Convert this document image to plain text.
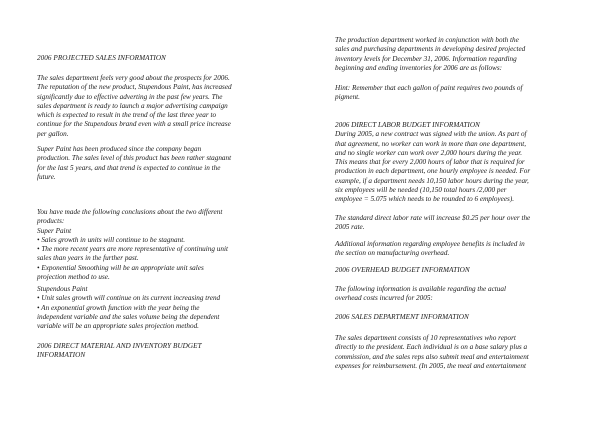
2006 PROJECTED SALES INFORMATION

The sales department feels very good about the prospects for 2006.
The reputation of the new product, Stupendous Paint, has increased
significantly due to effective adverting in the past few years. The
sales department is ready to launch a major advertising campaign
which is expected to result in the trend of the last three year to
continue for the Stupendous brand even with a small price increase
per gallon.

Super Paint has been produced since the company began
production. The sales level of this product has been rather stagnant
for the last 5 years, and that trend is expected to continue in the
future.

You have made the following conclusions about the two different
products:
Super Paint
• Sales growth in units will continue to be stagnant.
• The more recent years are more representative of continuing unit
sales than years in the further past.
• Exponential Smoothing will be an appropriate unit sales
projection method to use.

Stupendous Paint
• Unit sales growth will continue on its current increasing trend
• An exponential growth function with the year being the
independent variable and the sales volume being the dependent
variable will be an appropriate sales projection method.

2006 DIRECT MATERIAL AND INVENTORY BUDGET
INFORMATION

The production department worked in conjunction with both the
sales and purchasing departments in developing desired projected
inventory levels for December 31, 2006. Information regarding
beginning and ending inventories for 2006 are as follows:

Hint: Remember that each gallon of paint requires two pounds of
pigment.

2006 DIRECT LABOR BUDGET INFORMATION
During 2005, a new contract was signed with the union. As part of
that agreement, no worker can work in more than one department,
and no single worker can work over 2,000 hours during the year.
This means that for every 2,000 hours of labor that is required for
production in each department, one hourly employee is needed. For
example, if a department needs 10,150 labor hours during the year,
six employees will be needed (10,150 total hours /2,000 per
employee = 5.075 which needs to be rounded to 6 employees).

The standard direct labor rate will increase $0.25 per hour over the
2005 rate.

Additional information regarding employee benefits is included in
the section on manufacturing overhead.

2006 OVERHEAD BUDGET INFORMATION

The following information is available regarding the actual
overhead costs incurred for 2005:

2006 SALES DEPARTMENT INFORMATION

The sales department consists of 10 representatives who report
directly to the president. Each individual is on a base salary plus a
commission, and the sales reps also submit meal and entertainment
expenses for reimbursement. (In 2005, the meal and entertainment
